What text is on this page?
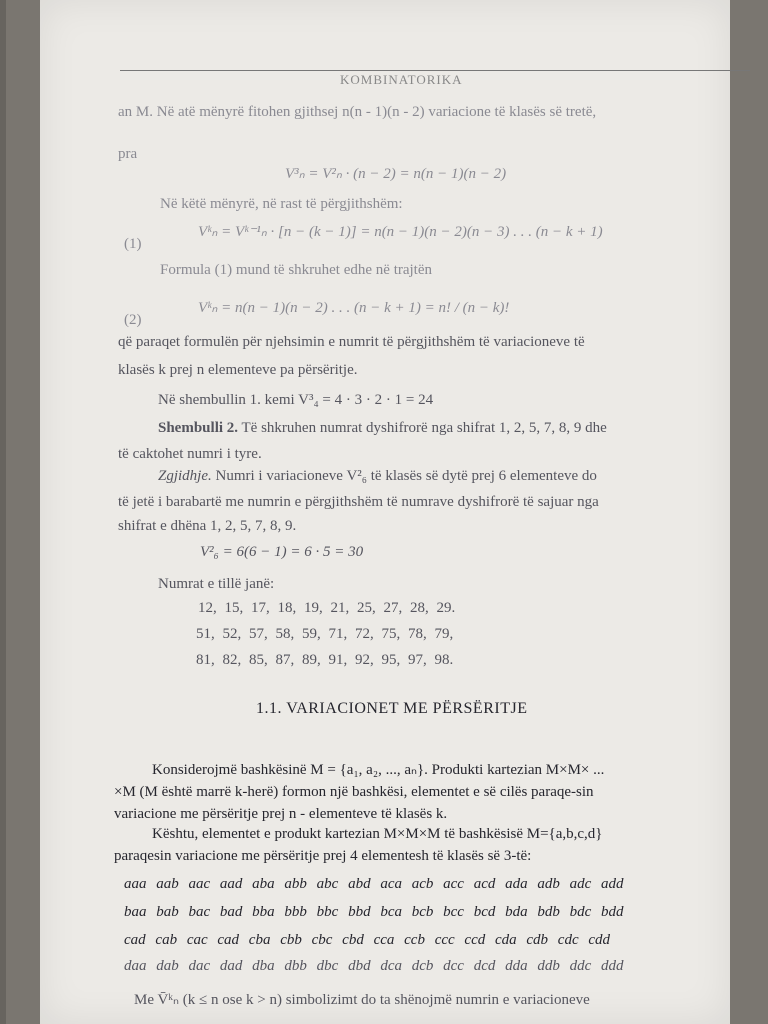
KOMBINATORIKA
an M. Në atë mënyrë fitohen gjithsej n(n - 1)(n - 2) variacione të klasës së tretë,
pra
V³ₙ = V²ₙ · (n − 2) = n(n − 1)(n − 2)
Në këtë mënyrë, në rast të përgjithshëm:
(1)
Vᵏₙ = Vᵏ⁻¹ₙ · [n − (k − 1)] = n(n − 1)(n − 2)(n − 3) . . . (n − k + 1)
Formula (1) mund të shkruhet edhe në trajtën
(2)
Vᵏₙ = n(n − 1)(n − 2) . . . (n − k + 1) = n! / (n − k)!
që paraqet formulën për njehsimin e numrit të përgjithshëm të variacioneve të
klasës k prej n elementeve pa përsëritje.
Në shembullin 1. kemi V³₄ = 4 · 3 · 2 · 1 = 24
Shembulli 2. Të shkruhen numrat dyshifrorë nga shifrat 1, 2, 5, 7, 8, 9 dhe
të caktohet numri i tyre.
Zgjidhje. Numri i variacioneve V²₆ të klasës së dytë prej 6 elementeve do
të jetë i barabartë me numrin e përgjithshëm të numrave dyshifrorë të sajuar nga
shifrat e dhëna 1, 2, 5, 7, 8, 9.
V²₆ = 6(6 − 1) = 6 · 5 = 30
Numrat e tillë janë:
12, 15, 17, 18, 19, 21, 25, 27, 28, 29.
51, 52, 57, 58, 59, 71, 72, 75, 78, 79,
81, 82, 85, 87, 89, 91, 92, 95, 97, 98.
1.1. VARIACIONET ME PËRSËRITJE
Konsiderojmë bashkësinë M = {a₁, a₂, ..., aₙ}. Produkti kartezian M×M× ...
×M (M është marrë k-herë) formon një bashkësi, elementet e së cilës paraqe-sin
variacione me përsëritje prej n - elementeve të klasës k.
Kështu, elementet e produkt kartezian M×M×M të bashkësisë M={a,b,c,d}
paraqesin variacione me përsëritje prej 4 elementesh të klasës së 3-të:
aaa aab aac aad aba abb abc abd aca acb acc acd ada adb adc add
baa bab bac bad bba bbb bbc bbd bca bcb bcc bcd bda bdb bdc bdd
cad cab cac cad cba cbb cbc cbd cca ccb ccc ccd cda cdb cdc cdd
daa dab dac dad dba dbb dbc dbd dca dcb dcc dcd dda ddb ddc ddd
Me V̄ᵏₙ (k ≤ n ose k > n) simbolizimt do ta shënojmë numrin e variacioneve
